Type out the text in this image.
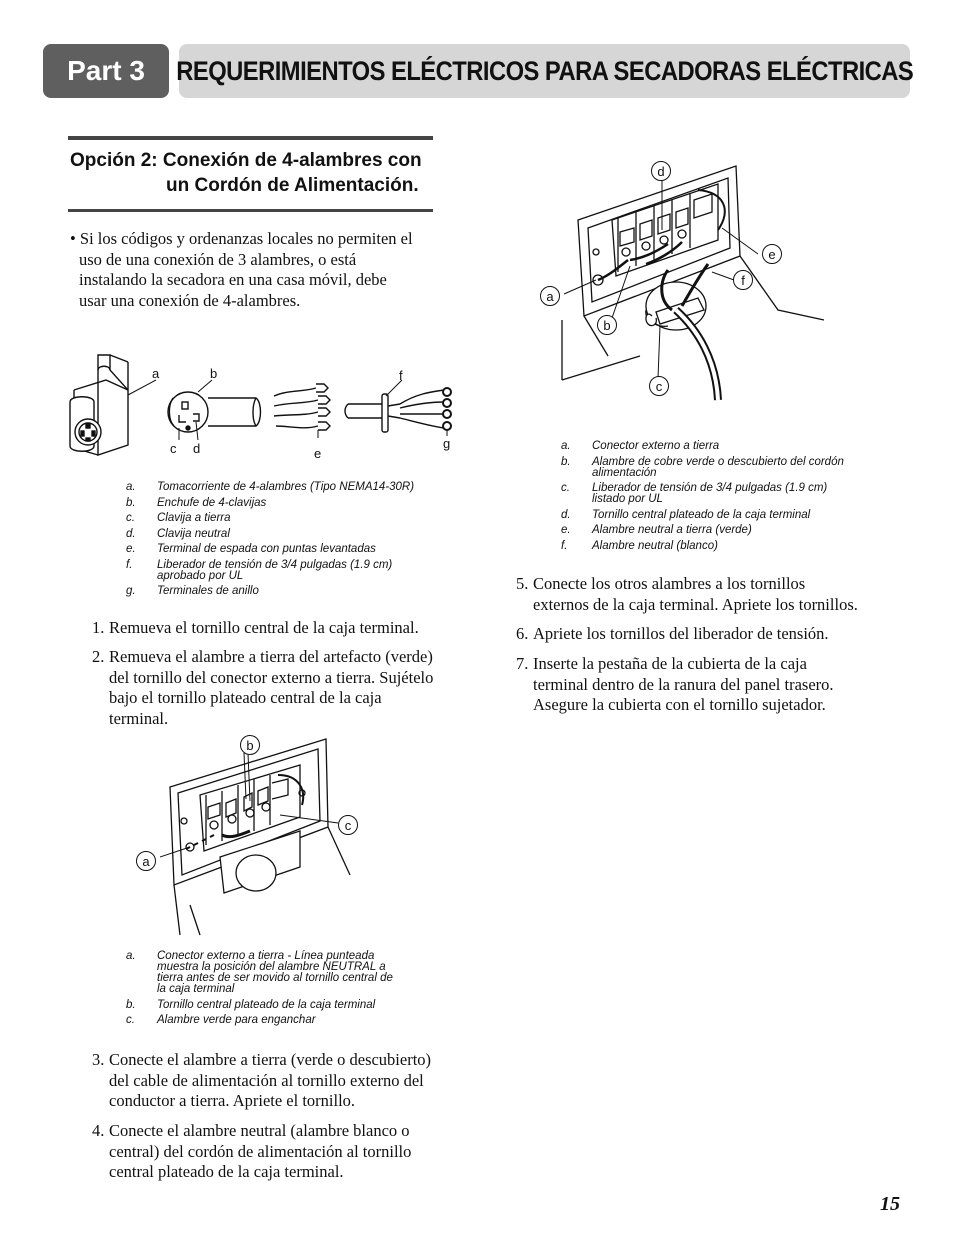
Part 3 REQUERIMIENTOS ELÉCTRICOS PARA SECADORAS ELÉCTRICAS
Opción 2: Conexión de 4-alambres con
un Cordón de Alimentación.
• Si los códigos y ordenanzas locales no permiten el
uso de una conexión de 3 alambres, o está
instalando la secadora en una casa móvil, debe
usar una conexión de 4-alambres.
a	b
c d	e
f
g
a.	Tomacorriente de 4-alambres (Tipo NEMA14-30R)
b.	Enchufe de 4-clavijas
c.	Clavija a tierra
d.	Clavija neutral
e.	Terminal de espada con puntas levantadas
f.	Liberador de tensión de 3/4 pulgadas (1.9 cm)
aprobado por UL
g.	Terminales de anillo
1. Remueva el tornillo central de la caja terminal.
2. Remueva el alambre a tierra del artefacto (verde)
del tornillo del conector externo a tierra. Sujételo
bajo el tornillo plateado central de la caja
terminal.
b
c
a
a.	Conector externo a tierra - Línea punteada
muestra la posición del alambre NEUTRAL a
tierra antes de ser movido al tornillo central de
la caja terminal
b.	Tornillo central plateado de la caja terminal
c.	Alambre verde para enganchar
3. Conecte el alambre a tierra (verde o descubierto)
del cable de alimentación al tornillo externo del
conductor a tierra. Apriete el tornillo.
4. Conecte el alambre neutral (alambre blanco o
central) del cordón de alimentación al tornillo
central plateado de la caja terminal.
d
e
f
a
b
c
a.	Conector externo a tierra
b.	Alambre de cobre verde o descubierto del cordón
alimentación
c.	Liberador de tensión de 3/4 pulgadas (1.9 cm)
listado por UL
d.	Tornillo central plateado de la caja terminal
e.	Alambre neutral a tierra (verde)
f.	Alambre neutral (blanco)
5. Conecte los otros alambres a los tornillos
externos de la caja terminal. Apriete los tornillos.
6. Apriete los tornillos del liberador de tensión.
7. Inserte la pestaña de la cubierta de la caja
terminal dentro de la ranura del panel trasero.
Asegure la cubierta con el tornillo sujetador.
15
